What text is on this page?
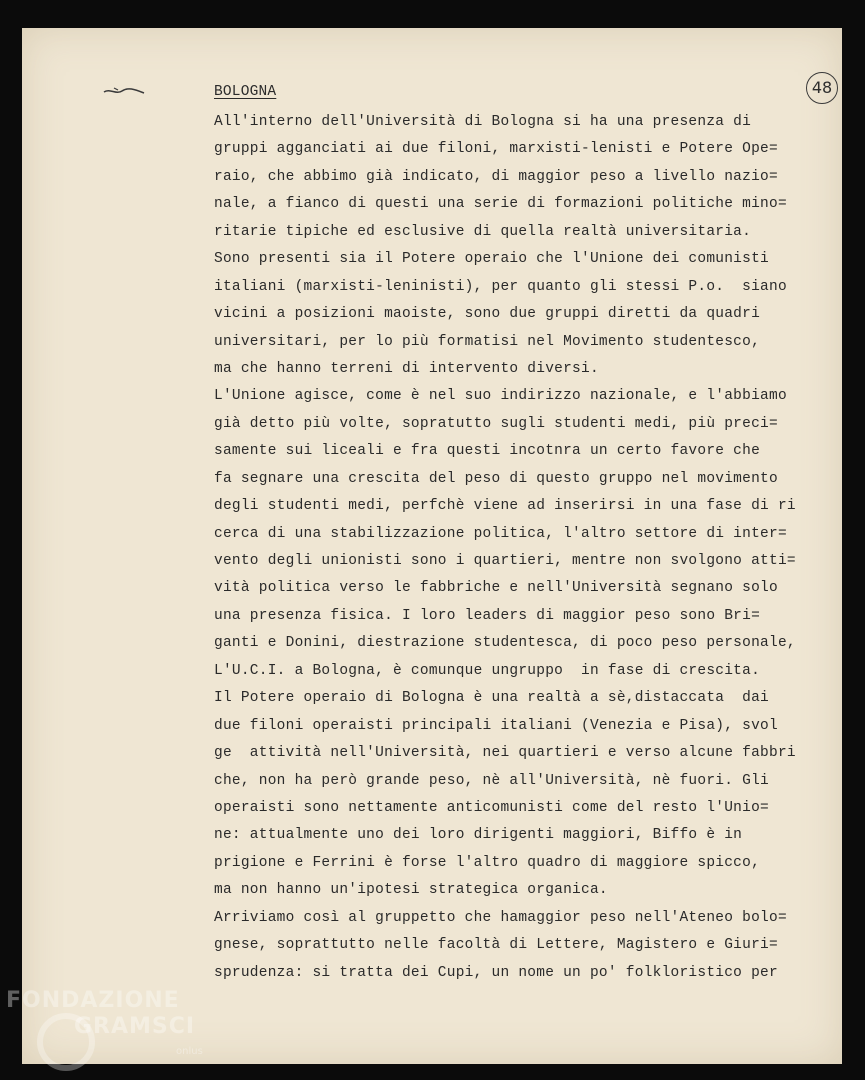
48
BOLOGNA
All'interno dell'Università di Bologna si ha una presenza di
gruppi agganciati ai due filoni, marxisti-lenisti e Potere Ope=
raio, che abbimo già indicato, di maggior peso a livello nazio=
nale, a fianco di questi una serie di formazioni politiche mino=
ritarie tipiche ed esclusive di quella realtà universitaria.
Sono presenti sia il Potere operaio che l'Unione dei comunisti
italiani (marxisti-leninisti), per quanto gli stessi P.o.  siano
vicini a posizioni maoiste, sono due gruppi diretti da quadri
universitari, per lo più formatisi nel Movimento studentesco,
ma che hanno terreni di intervento diversi.
L'Unione agisce, come è nel suo indirizzo nazionale, e l'abbiamo
già detto più volte, sopratutto sugli studenti medi, più preci=
samente sui liceali e fra questi incotnra un certo favore che
fa segnare una crescita del peso di questo gruppo nel movimento
degli studenti medi, perfchè viene ad inserirsi in una fase di ri
cerca di una stabilizzazione politica, l'altro settore di inter=
vento degli unionisti sono i quartieri, mentre non svolgono atti=
vità politica verso le fabbriche e nell'Università segnano solo
una presenza fisica. I loro leaders di maggior peso sono Bri=
ganti e Donini, diestrazione studentesca, di poco peso personale,
L'U.C.I. a Bologna, è comunque ungruppo  in fase di crescita.
Il Potere operaio di Bologna è una realtà a sè,distaccata  dai
due filoni operaisti principali italiani (Venezia e Pisa), svol
ge  attività nell'Università, nei quartieri e verso alcune fabbri
che, non ha però grande peso, nè all'Università, nè fuori. Gli
operaisti sono nettamente anticomunisti come del resto l'Unio=
ne: attualmente uno dei loro dirigenti maggiori, Biffo è in
prigione e Ferrini è forse l'altro quadro di maggiore spicco,
ma non hanno un'ipotesi strategica organica.
Arriviamo così al gruppetto che hamaggior peso nell'Ateneo bolo=
gnese, soprattutto nelle facoltà di Lettere, Magistero e Giuri=
sprudenza: si tratta dei Cupi, un nome un po' folkloristico per
FONDAZIONE
GRAMSCI
onlus
